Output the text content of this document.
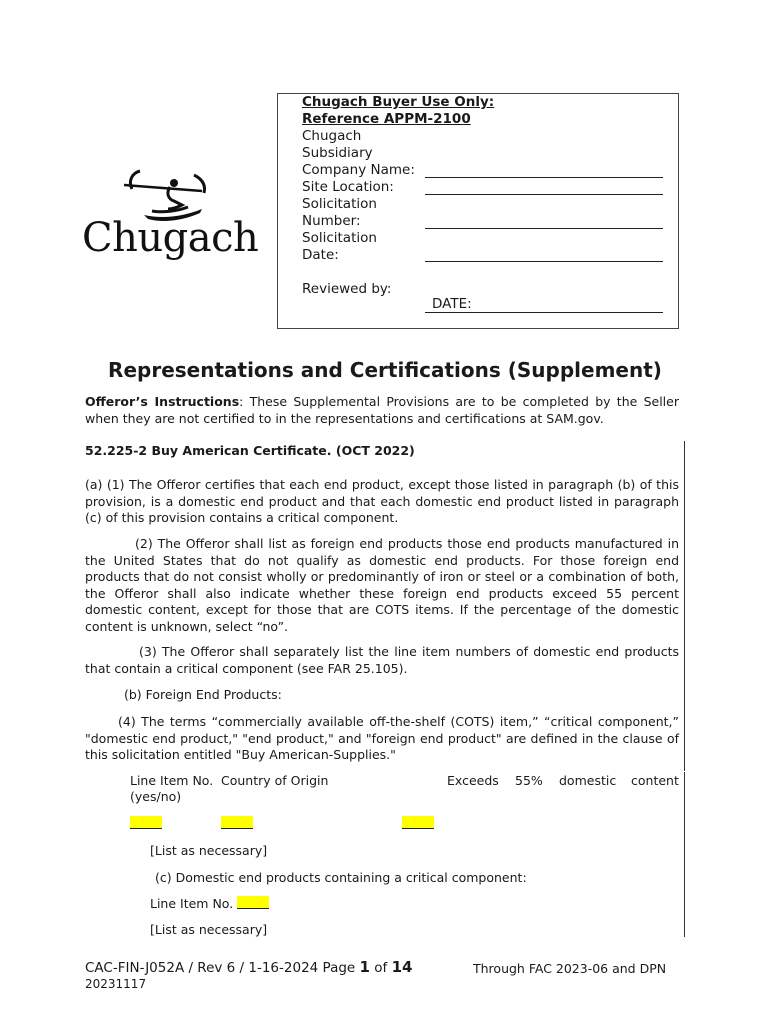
Chugach
Chugach Buyer Use Only:
Reference APPM-2100
Chugach
Subsidiary
Company Name:
Site Location:
Solicitation
Number:
Solicitation
Date:
Reviewed by:
DATE:
Representations and Certifications (Supplement)
Offeror’s Instructions: These Supplemental Provisions are to be completed by the Seller when they are not certified to in the representations and certifications at SAM.gov.
52.225-2 Buy American Certificate. (OCT 2022)
(a) (1) The Offeror certifies that each end product, except those listed in paragraph (b) of this provision, is a domestic end product and that each domestic end product listed in paragraph (c) of this provision contains a critical component.
(2) The Offeror shall list as foreign end products those end products manufactured in the United States that do not qualify as domestic end products. For those foreign end products that do not consist wholly or predominantly of iron or steel or a combination of both, the Offeror shall also indicate whether these foreign end products exceed 55 percent domestic content, except for those that are COTS items. If the percentage of the domestic content is unknown, select “no”.
(3) The Offeror shall separately list the line item numbers of domestic end products that contain a critical component (see FAR 25.105).
(b) Foreign End Products:
(4) The terms “commercially available off-the-shelf (COTS) item,” “critical component,” "domestic end product," "end product," and "foreign end product" are defined in the clause of this solicitation entitled "Buy American-Supplies."
Line Item No. Country of Origin	Exceeds 55% domestic content
(yes/no)
[List as necessary]
(c) Domestic end products containing a critical component:
Line Item No.
[List as necessary]
CAC-FIN-J052A / Rev 6 / 1-16-2024 Page 1 of 14
20231117
Through FAC 2023-06 and DPN
